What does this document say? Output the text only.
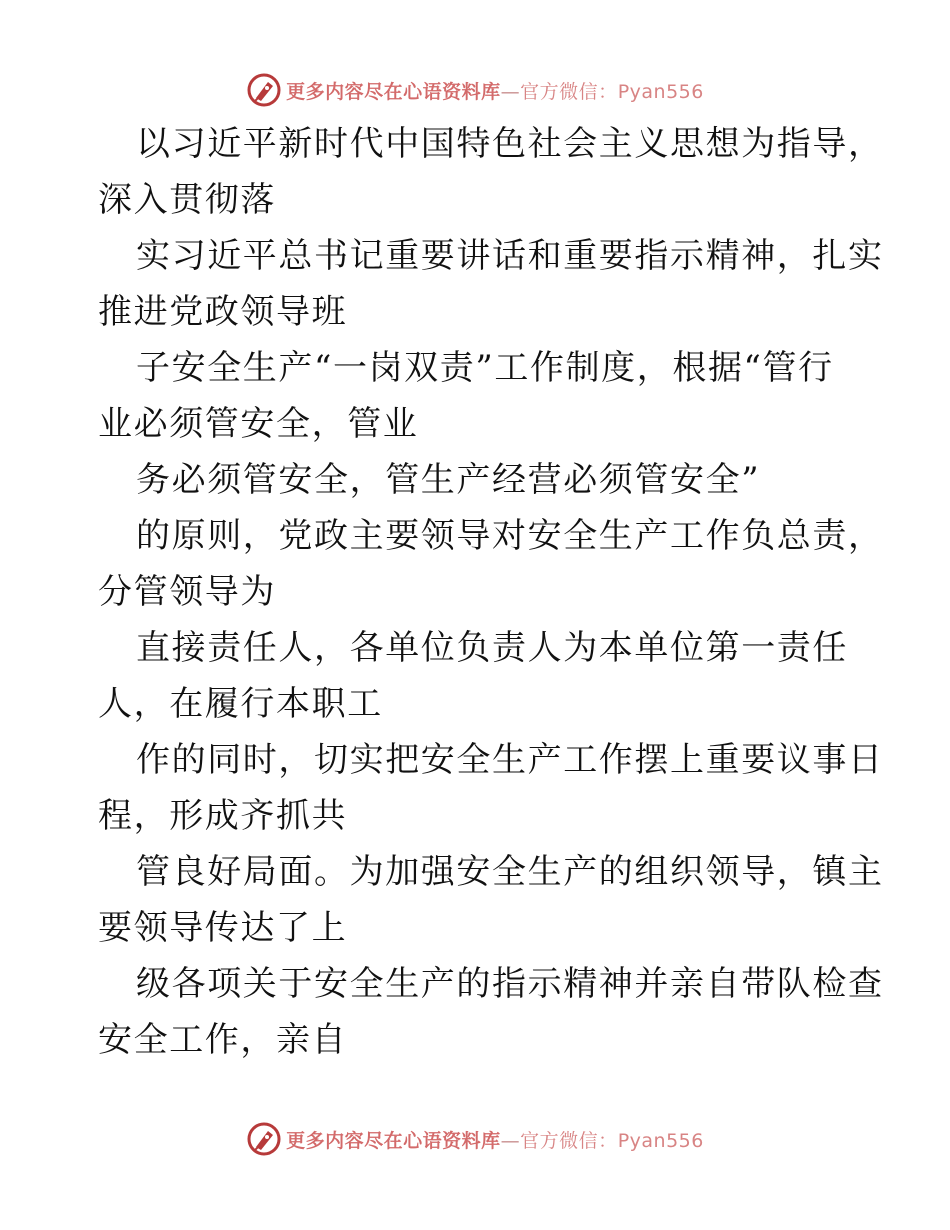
更多内容尽在心语资料库—官方微信：Pyan556
以习近平新时代中国特色社会主义思想为指导，
深入贯彻落
实习近平总书记重要讲话和重要指示精神，扎实
推进党政领导班
子安全生产“一岗双责”工作制度，根据“管行
业必须管安全，管业
务必须管安全，管生产经营必须管安全”
的原则，党政主要领导对安全生产工作负总责，
分管领导为
直接责任人，各单位负责人为本单位第一责任
人，在履行本职工
作的同时，切实把安全生产工作摆上重要议事日
程，形成齐抓共
管良好局面。为加强安全生产的组织领导，镇主
要领导传达了上
级各项关于安全生产的指示精神并亲自带队检查
安全工作，亲自
更多内容尽在心语资料库—官方微信：Pyan556
